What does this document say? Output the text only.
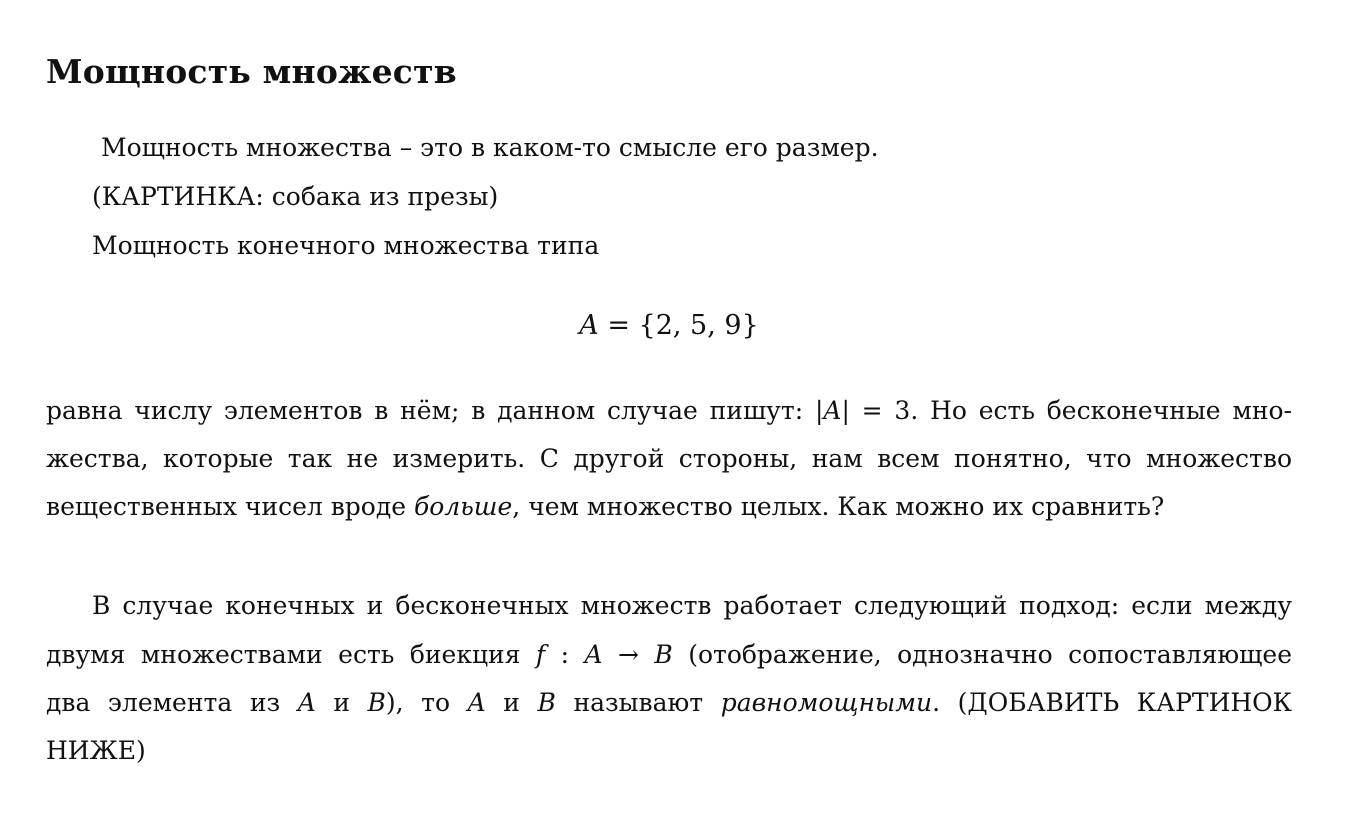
Мощность множеств
Мощность множества – это в каком-то смысле его размер.
(КАРТИНКА: собака из презы)
Мощность конечного множества типа
A = {2, 5, 9}
равна числу элементов в нём; в данном случае пишут: |A| = 3. Но есть бесконечные мно-
жества, которые так не измерить. С другой стороны, нам всем понятно, что множество
вещественных чисел вроде больше, чем множество целых. Как можно их сравнить?
В случае конечных и бесконечных множеств работает следующий подход: если между
двумя множествами есть биекция f : A → B (отображение, однозначно сопоставляющее
два элемента из A и B), то A и B называют равномощными. (ДОБАВИТЬ КАРТИНОК
НИЖЕ)
